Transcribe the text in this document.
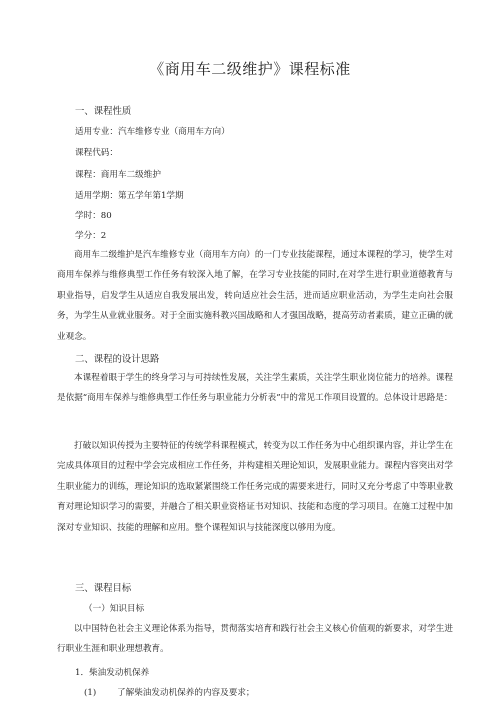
《商用车二级维护》课程标准
一、课程性质
适用专业：汽车维修专业（商用车方向）
课程代码：
课程：商用车二级维护
适用学期：第五学年第1学期
学时：80
学分：2
商用车二级维护是汽车维修专业（商用车方向）的一门专业技能课程，通过本课程的学习，使学生对商用车保养与维修典型工作任务有较深入地了解，在学习专业技能的同时,在对学生进行职业道德教育与职业指导，启发学生从适应自我发展出发，转向适应社会生活，进而适应职业活动，为学生走向社会服务，为学生从业就业服务。对于全面实施科教兴国战略和人才强国战略，提高劳动者素质，建立正确的就业观念。
二、课程的设计思路
本课程着眼于学生的终身学习与可持续性发展，关注学生素质，关注学生职业岗位能力的培养。课程是依据“商用车保养与维修典型工作任务与职业能力分析表”中的常见工作项目设置的。总体设计思路是：
打破以知识传授为主要特征的传统学科课程模式，转变为以工作任务为中心组织课内容，并让学生在完成具体项目的过程中学会完成相应工作任务，并构建相关理论知识，发展职业能力。课程内容突出对学生职业能力的训练，理论知识的选取紧紧围绕工作任务完成的需要来进行，同时又充分考虑了中等职业教育对理论知识学习的需要，并融合了相关职业资格证书对知识、技能和态度的学习项目。在施工过程中加深对专业知识、技能的理解和应用。整个课程知识与技能深度以够用为度。
三、课程目标
（一）知识目标
以中国特色社会主义理论体系为指导，贯彻落实培育和践行社会主义核心价值观的新要求，对学生进行职业生涯和职业理想教育。
1．柴油发动机保养
(1) 了解柴油发动机保养的内容及要求；
